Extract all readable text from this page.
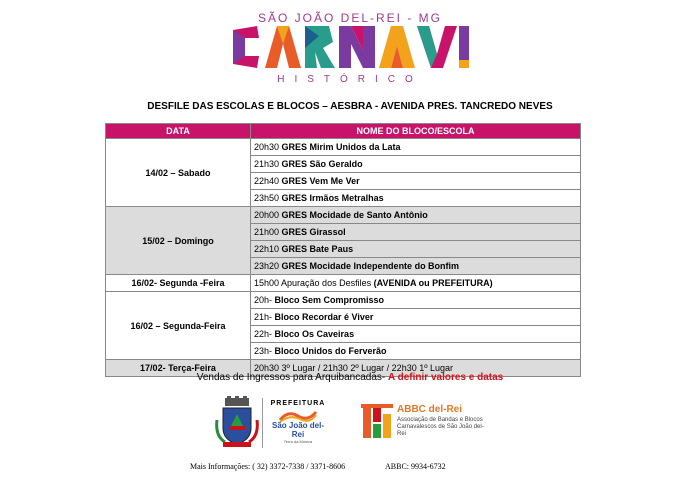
SÃO JOÃO DEL-REI - MG
HISTÓRICO
DESFILE DAS ESCOLAS E BLOCOS – AESBRA - AVENIDA PRES. TANCREDO NEVES
DATA	NOME DO BLOCO/ESCOLA
14/02 – Sabado	20h30 GRES Mirim Unidos da Lata
	21h30 GRES São Geraldo
	22h40 GRES Vem Me Ver
	23h50 GRES Irmãos Metralhas
15/02 – Domingo	20h00 GRES Mocidade de Santo Antônio
	21h00 GRES Girassol
	22h10 GRES Bate Paus
	23h20 GRES Mocidade Independente do Bonfim
16/02- Segunda -Feira	15h00 Apuração dos Desfiles (AVENIDA ou PREFEITURA)
16/02 – Segunda-Feira	20h- Bloco Sem Compromisso
	21h- Bloco Recordar é Viver
	22h- Bloco Os Caveiras
	23h- Bloco Unidos do Ferverão
17/02- Terça-Feira	20h30 3º Lugar / 21h30 2º Lugar / 22h30 1º Lugar
Vendas de Ingressos para Arquibancadas- A definir valores e datas
PREFEITURA
São João del-Rei
Terra da Música
ABBC del-Rei
Associação de Bandas e Blocos Carnavalescos de São João del-Rei
Mais Informações: ( 32) 3372-7338 / 3371-8606	ABBC: 9934-6732
